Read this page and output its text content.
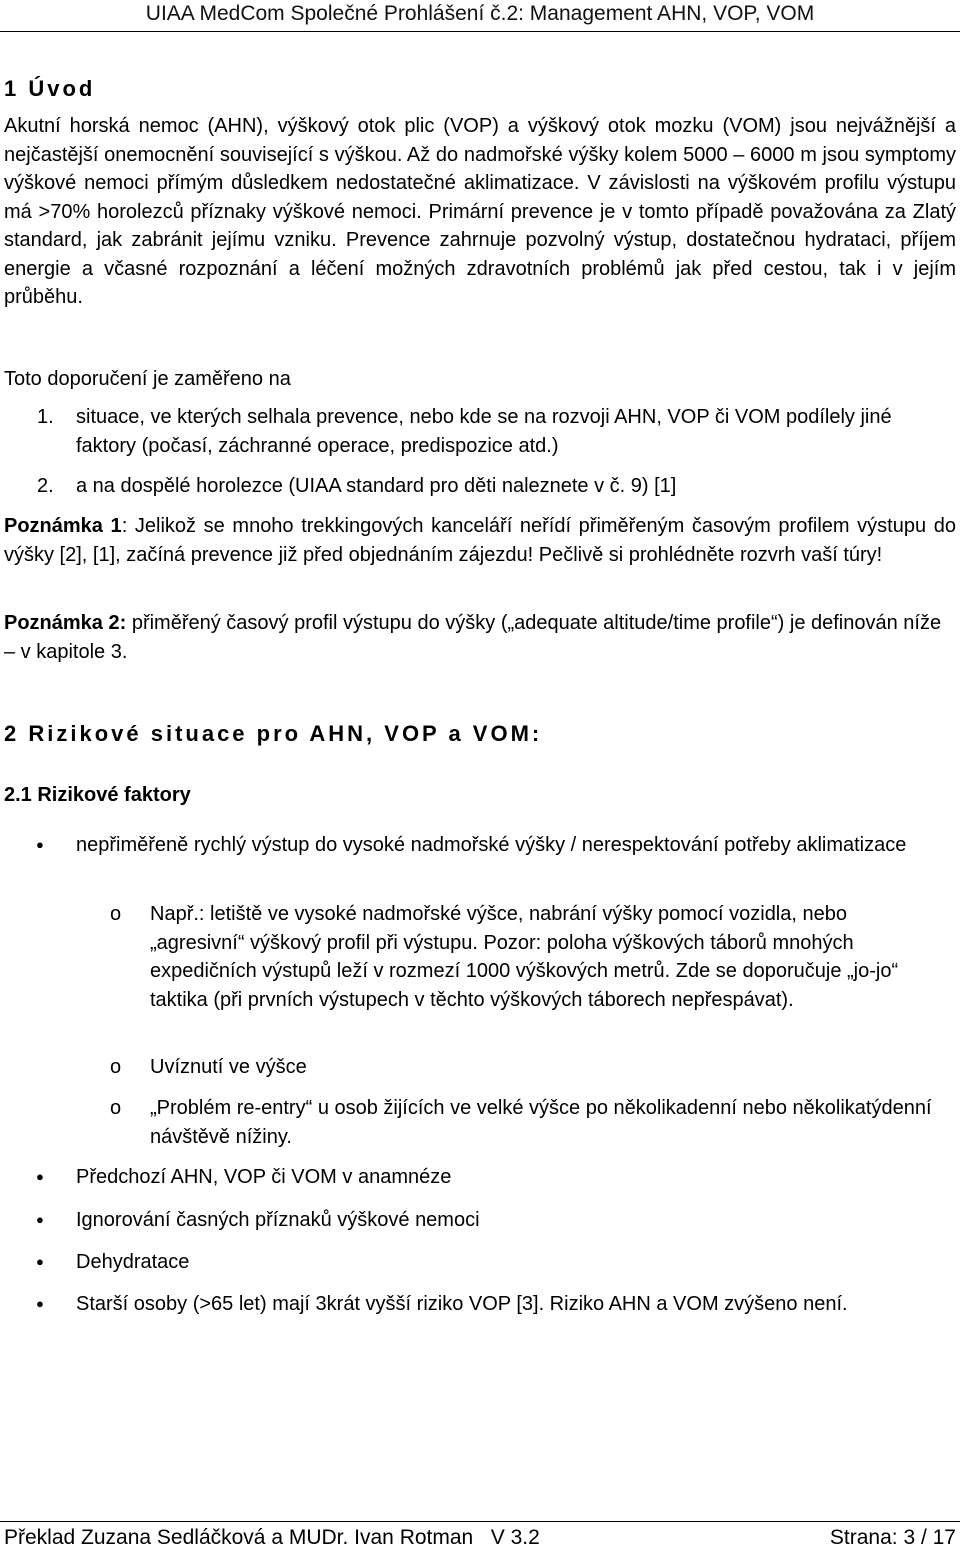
UIAA MedCom Společné Prohlášení č.2: Management AHN, VOP, VOM
1 Úvod
Akutní horská nemoc (AHN), výškový otok plic (VOP) a výškový otok mozku (VOM) jsou nejvážnější a nejčastější onemocnění související s výškou. Až do nadmořské výšky kolem 5000 – 6000 m jsou symptomy výškové nemoci přímým důsledkem nedostatečné aklimatizace. V závislosti na výškovém profilu výstupu má >70% horolezců příznaky výškové nemoci. Primární prevence je v tomto případě považována za Zlatý standard, jak zabránit jejímu vzniku. Prevence zahrnuje pozvolný výstup, dostatečnou hydrataci, příjem energie a včasné rozpoznání a léčení možných zdravotních problémů jak před cestou, tak i v jejím průběhu.
Toto doporučení je zaměřeno na
1. situace, ve kterých selhala prevence, nebo kde se na rozvoji AHN, VOP či VOM podílely jiné faktory (počasí, záchranné operace, predispozice atd.)
2. a na dospělé horolezce (UIAA standard pro děti naleznete v č. 9) [1]
Poznámka 1: Jelikož se mnoho trekkingových kanceláří neřídí přiměřeným časovým profilem výstupu do výšky [2], [1], začíná prevence již před objednáním zájezdu! Pečlivě si prohlédněte rozvrh vaší túry!
Poznámka 2: přiměřený časový profil výstupu do výšky („adequate altitude/time profile“) je definován níže – v kapitole 3.
2 Rizikové situace pro AHN, VOP a VOM:
2.1 Rizikové faktory
● nepřiměřeně rychlý výstup do vysoké nadmořské výšky / nerespektování potřeby aklimatizace
o Např.: letiště ve vysoké nadmořské výšce, nabrání výšky pomocí vozidla, nebo „agresivní“ výškový profil při výstupu. Pozor: poloha výškových táborů mnohých expedičních výstupů leží v rozmezí 1000 výškových metrů. Zde se doporučuje „jo-jo“ taktika (při prvních výstupech v těchto výškových táborech nepřespávat).
o Uvíznutí ve výšce
o „Problém re-entry“ u osob žijících ve velké výšce po několikadenní nebo několikatýdenní návštěvě nížiny.
● Předchozí AHN, VOP či VOM v anamnéze
● Ignorování časných příznaků výškové nemoci
● Dehydratace
● Starší osoby (>65 let) mají 3krát vyšší riziko VOP [3]. Riziko AHN a VOM zvýšeno není.
Překlad Zuzana Sedláčková a MUDr. Ivan Rotman   V 3.2	Strana: 3 / 17
